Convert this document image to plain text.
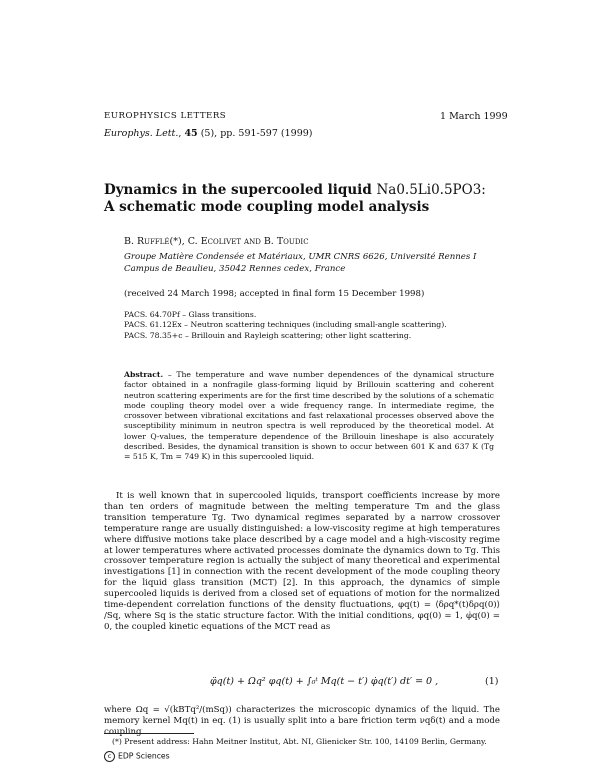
EUROPHYSICS LETTERS	1 March 1999
Europhys. Lett., 45 (5), pp. 591-597 (1999)
Dynamics in the supercooled liquid Na0.5Li0.5PO3:
A schematic mode coupling model analysis
B. Rufflé(*), C. Ecolivet and B. Toudic
Groupe Matière Condensée et Matériaux, UMR CNRS 6626, Université Rennes I
Campus de Beaulieu, 35042 Rennes cedex, France
(received 24 March 1998; accepted in final form 15 December 1998)
PACS. 64.70Pf – Glass transitions.
PACS. 61.12Ex – Neutron scattering techniques (including small-angle scattering).
PACS. 78.35+c – Brillouin and Rayleigh scattering; other light scattering.
Abstract. – The temperature and wave number dependences of the dynamical structure factor obtained in a nonfragile glass-forming liquid by Brillouin scattering and coherent neutron scattering experiments are for the first time described by the solutions of a schematic mode coupling theory model over a wide frequency range. In intermediate regime, the crossover between vibrational excitations and fast relaxational processes observed above the susceptibility minimum in neutron spectra is well reproduced by the theoretical model. At lower Q-values, the temperature dependence of the Brillouin lineshape is also accurately described. Besides, the dynamical transition is shown to occur between 601 K and 637 K (Tg = 515 K, Tm = 749 K) in this supercooled liquid.

It is well known that in supercooled liquids, transport coefficients increase by more than ten orders of magnitude between the melting temperature Tm and the glass transition temperature Tg. Two dynamical regimes separated by a narrow crossover temperature range are usually distinguished: a low-viscosity regime at high temperatures where diffusive motions take place described by a cage model and a high-viscosity regime at lower temperatures where activated processes dominate the dynamics down to Tg. This crossover temperature region is actually the subject of many theoretical and experimental investigations [1] in connection with the recent development of the mode coupling theory for the liquid glass transition (MCT) [2]. In this approach, the dynamics of simple supercooled liquids is derived from a closed set of equations of motion for the normalized time-dependent correlation functions of the density fluctuations, φq(t) = ⟨δρq*(t)δρq(0)⟩ /Sq, where Sq is the static structure factor. With the initial conditions, φq(0) = 1, φ̇q(0) = 0, the coupled kinetic equations of the MCT read as

φ̈q(t) + Ωq² φq(t) + ∫₀ᵗ Mq(t − t′) φ̇q(t′) dt′ = 0 ,	(1)
where Ωq = √(kBTq²/(mSq)) characterizes the microscopic dynamics of the liquid. The memory kernel Mq(t) in eq. (1) is usually split into a bare friction term νqδ(t) and a mode coupling
(*) Present address: Hahn Meitner Institut, Abt. NI, Glienicker Str. 100, 14109 Berlin, Germany.
c EDP Sciences
